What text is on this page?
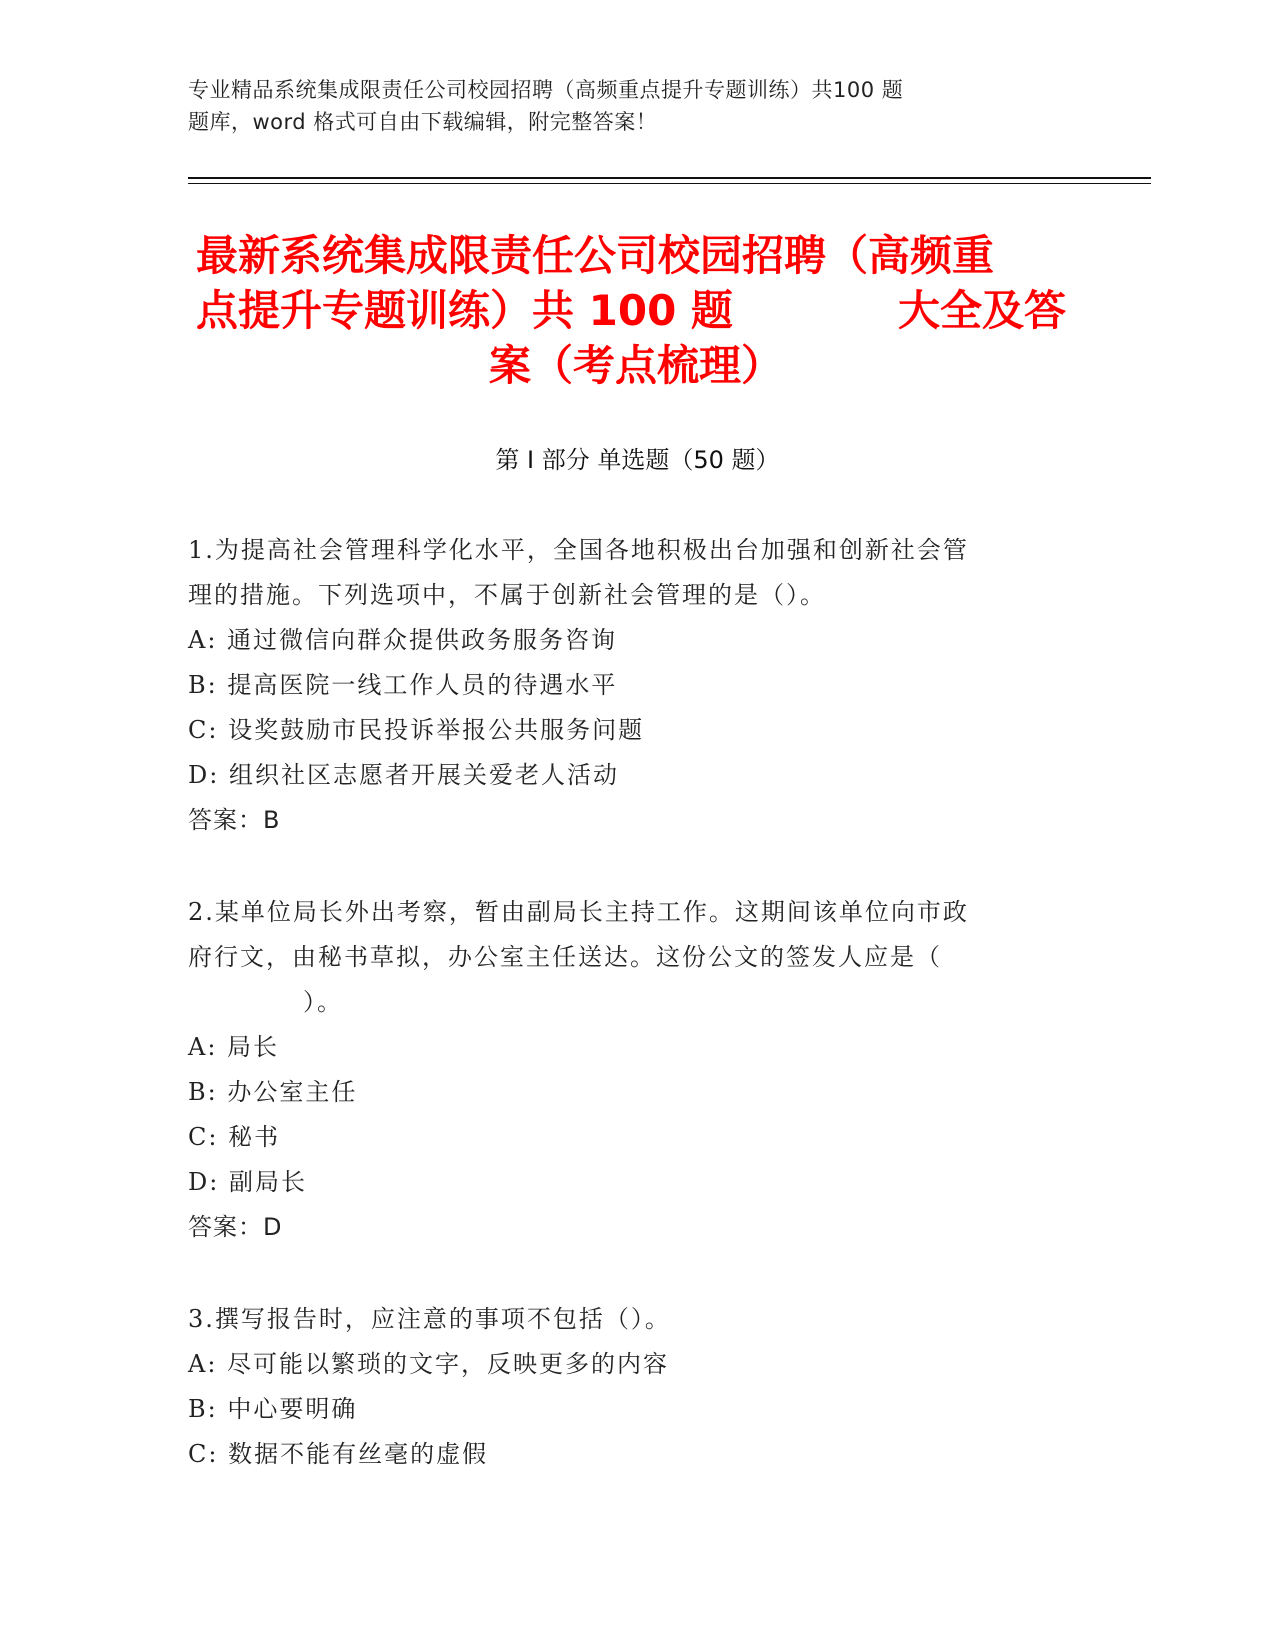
专业精品系统集成限责任公司校园招聘（高频重点提升专题训练）共100 题
题库，word 格式可自由下载编辑，附完整答案！
最新系统集成限责任公司校园招聘（高频重
点提升专题训练）共 100 题	大全及答
案（考点梳理）
第 I 部分 单选题（50 题）
1.为提高社会管理科学化水平，全国各地积极出台加强和创新社会管
理的措施。下列选项中，不属于创新社会管理的是（）。
A: 通过微信向群众提供政务服务咨询
B: 提高医院一线工作人员的待遇水平
C: 设奖鼓励市民投诉举报公共服务问题
D: 组织社区志愿者开展关爱老人活动
答案：B
2.某单位局长外出考察，暂由副局长主持工作。这期间该单位向市政
府行文，由秘书草拟，办公室主任送达。这份公文的签发人应是（
）。
A: 局长
B: 办公室主任
C: 秘书
D: 副局长
答案：D
3.撰写报告时，应注意的事项不包括（）。
A: 尽可能以繁琐的文字，反映更多的内容
B: 中心要明确
C: 数据不能有丝毫的虚假
